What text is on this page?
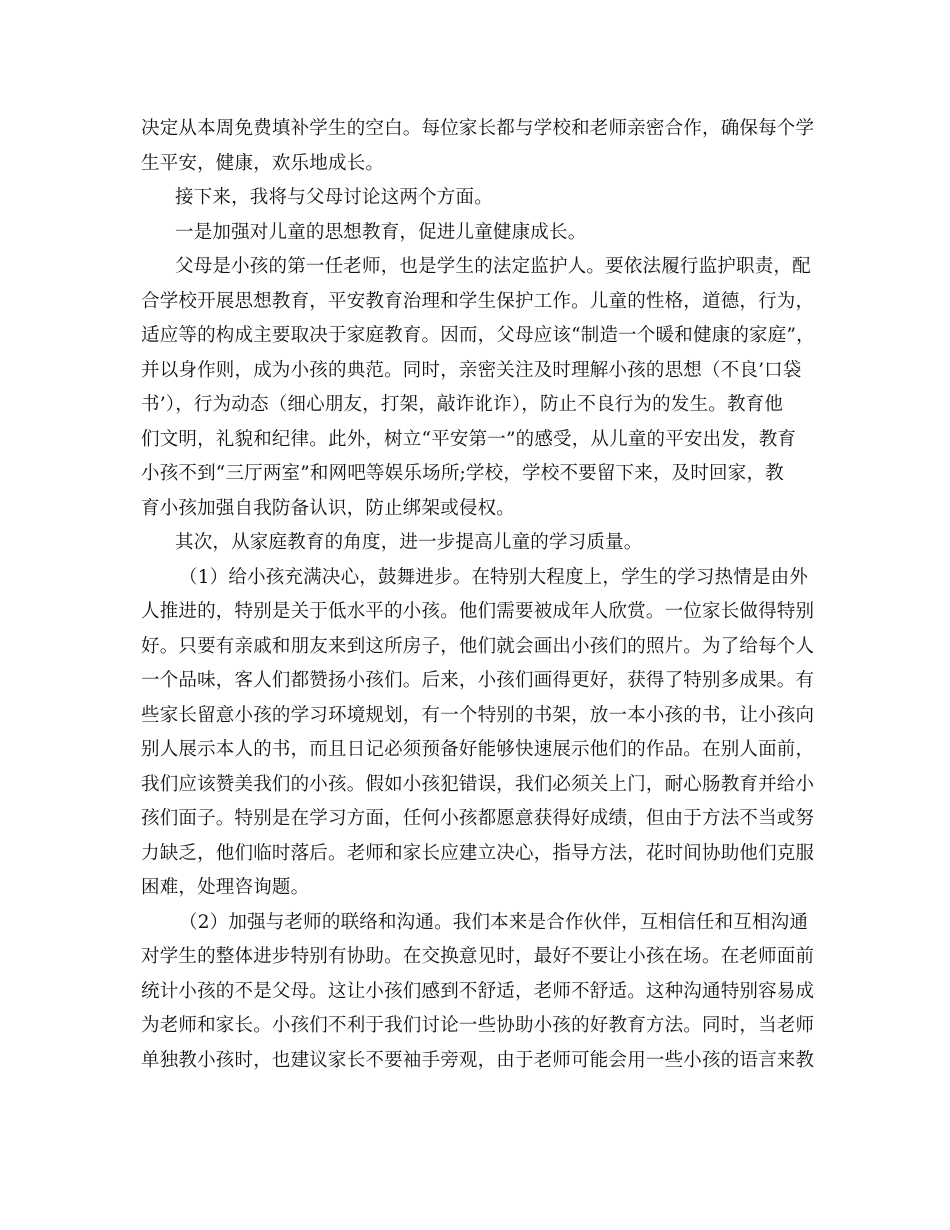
决定从本周免费填补学生的空白。每位家长都与学校和老师亲密合作，确保每个学
生平安，健康，欢乐地成长。
接下来，我将与父母讨论这两个方面。
一是加强对儿童的思想教育，促进儿童健康成长。
父母是小孩的第一任老师，也是学生的法定监护人。要依法履行监护职责，配
合学校开展思想教育，平安教育治理和学生保护工作。儿童的性格，道德，行为，
适应等的构成主要取决于家庭教育。因而，父母应该“制造一个暖和健康的家庭”，
并以身作则，成为小孩的典范。同时，亲密关注及时理解小孩的思想（不良’口袋
书’），行为动态（细心朋友，打架，敲诈讹诈），防止不良行为的发生。教育他
们文明，礼貌和纪律。此外，树立“平安第一”的感受，从儿童的平安出发，教育
小孩不到“三厅两室”和网吧等娱乐场所;学校，学校不要留下来，及时回家，教
育小孩加强自我防备认识，防止绑架或侵权。
其次，从家庭教育的角度，进一步提高儿童的学习质量。
（1）给小孩充满决心，鼓舞进步。在特别大程度上，学生的学习热情是由外
人推进的，特别是关于低水平的小孩。他们需要被成年人欣赏。一位家长做得特别
好。只要有亲戚和朋友来到这所房子，他们就会画出小孩们的照片。为了给每个人
一个品味，客人们都赞扬小孩们。后来，小孩们画得更好，获得了特别多成果。有
些家长留意小孩的学习环境规划，有一个特别的书架，放一本小孩的书，让小孩向
别人展示本人的书，而且日记必须预备好能够快速展示他们的作品。在别人面前，
我们应该赞美我们的小孩。假如小孩犯错误，我们必须关上门，耐心肠教育并给小
孩们面子。特别是在学习方面，任何小孩都愿意获得好成绩，但由于方法不当或努
力缺乏，他们临时落后。老师和家长应建立决心，指导方法，花时间协助他们克服
困难，处理咨询题。
（2）加强与老师的联络和沟通。我们本来是合作伙伴，互相信任和互相沟通
对学生的整体进步特别有协助。在交换意见时，最好不要让小孩在场。在老师面前
统计小孩的不是父母。这让小孩们感到不舒适，老师不舒适。这种沟通特别容易成
为老师和家长。小孩们不利于我们讨论一些协助小孩的好教育方法。同时，当老师
单独教小孩时，也建议家长不要袖手旁观，由于老师可能会用一些小孩的语言来教
